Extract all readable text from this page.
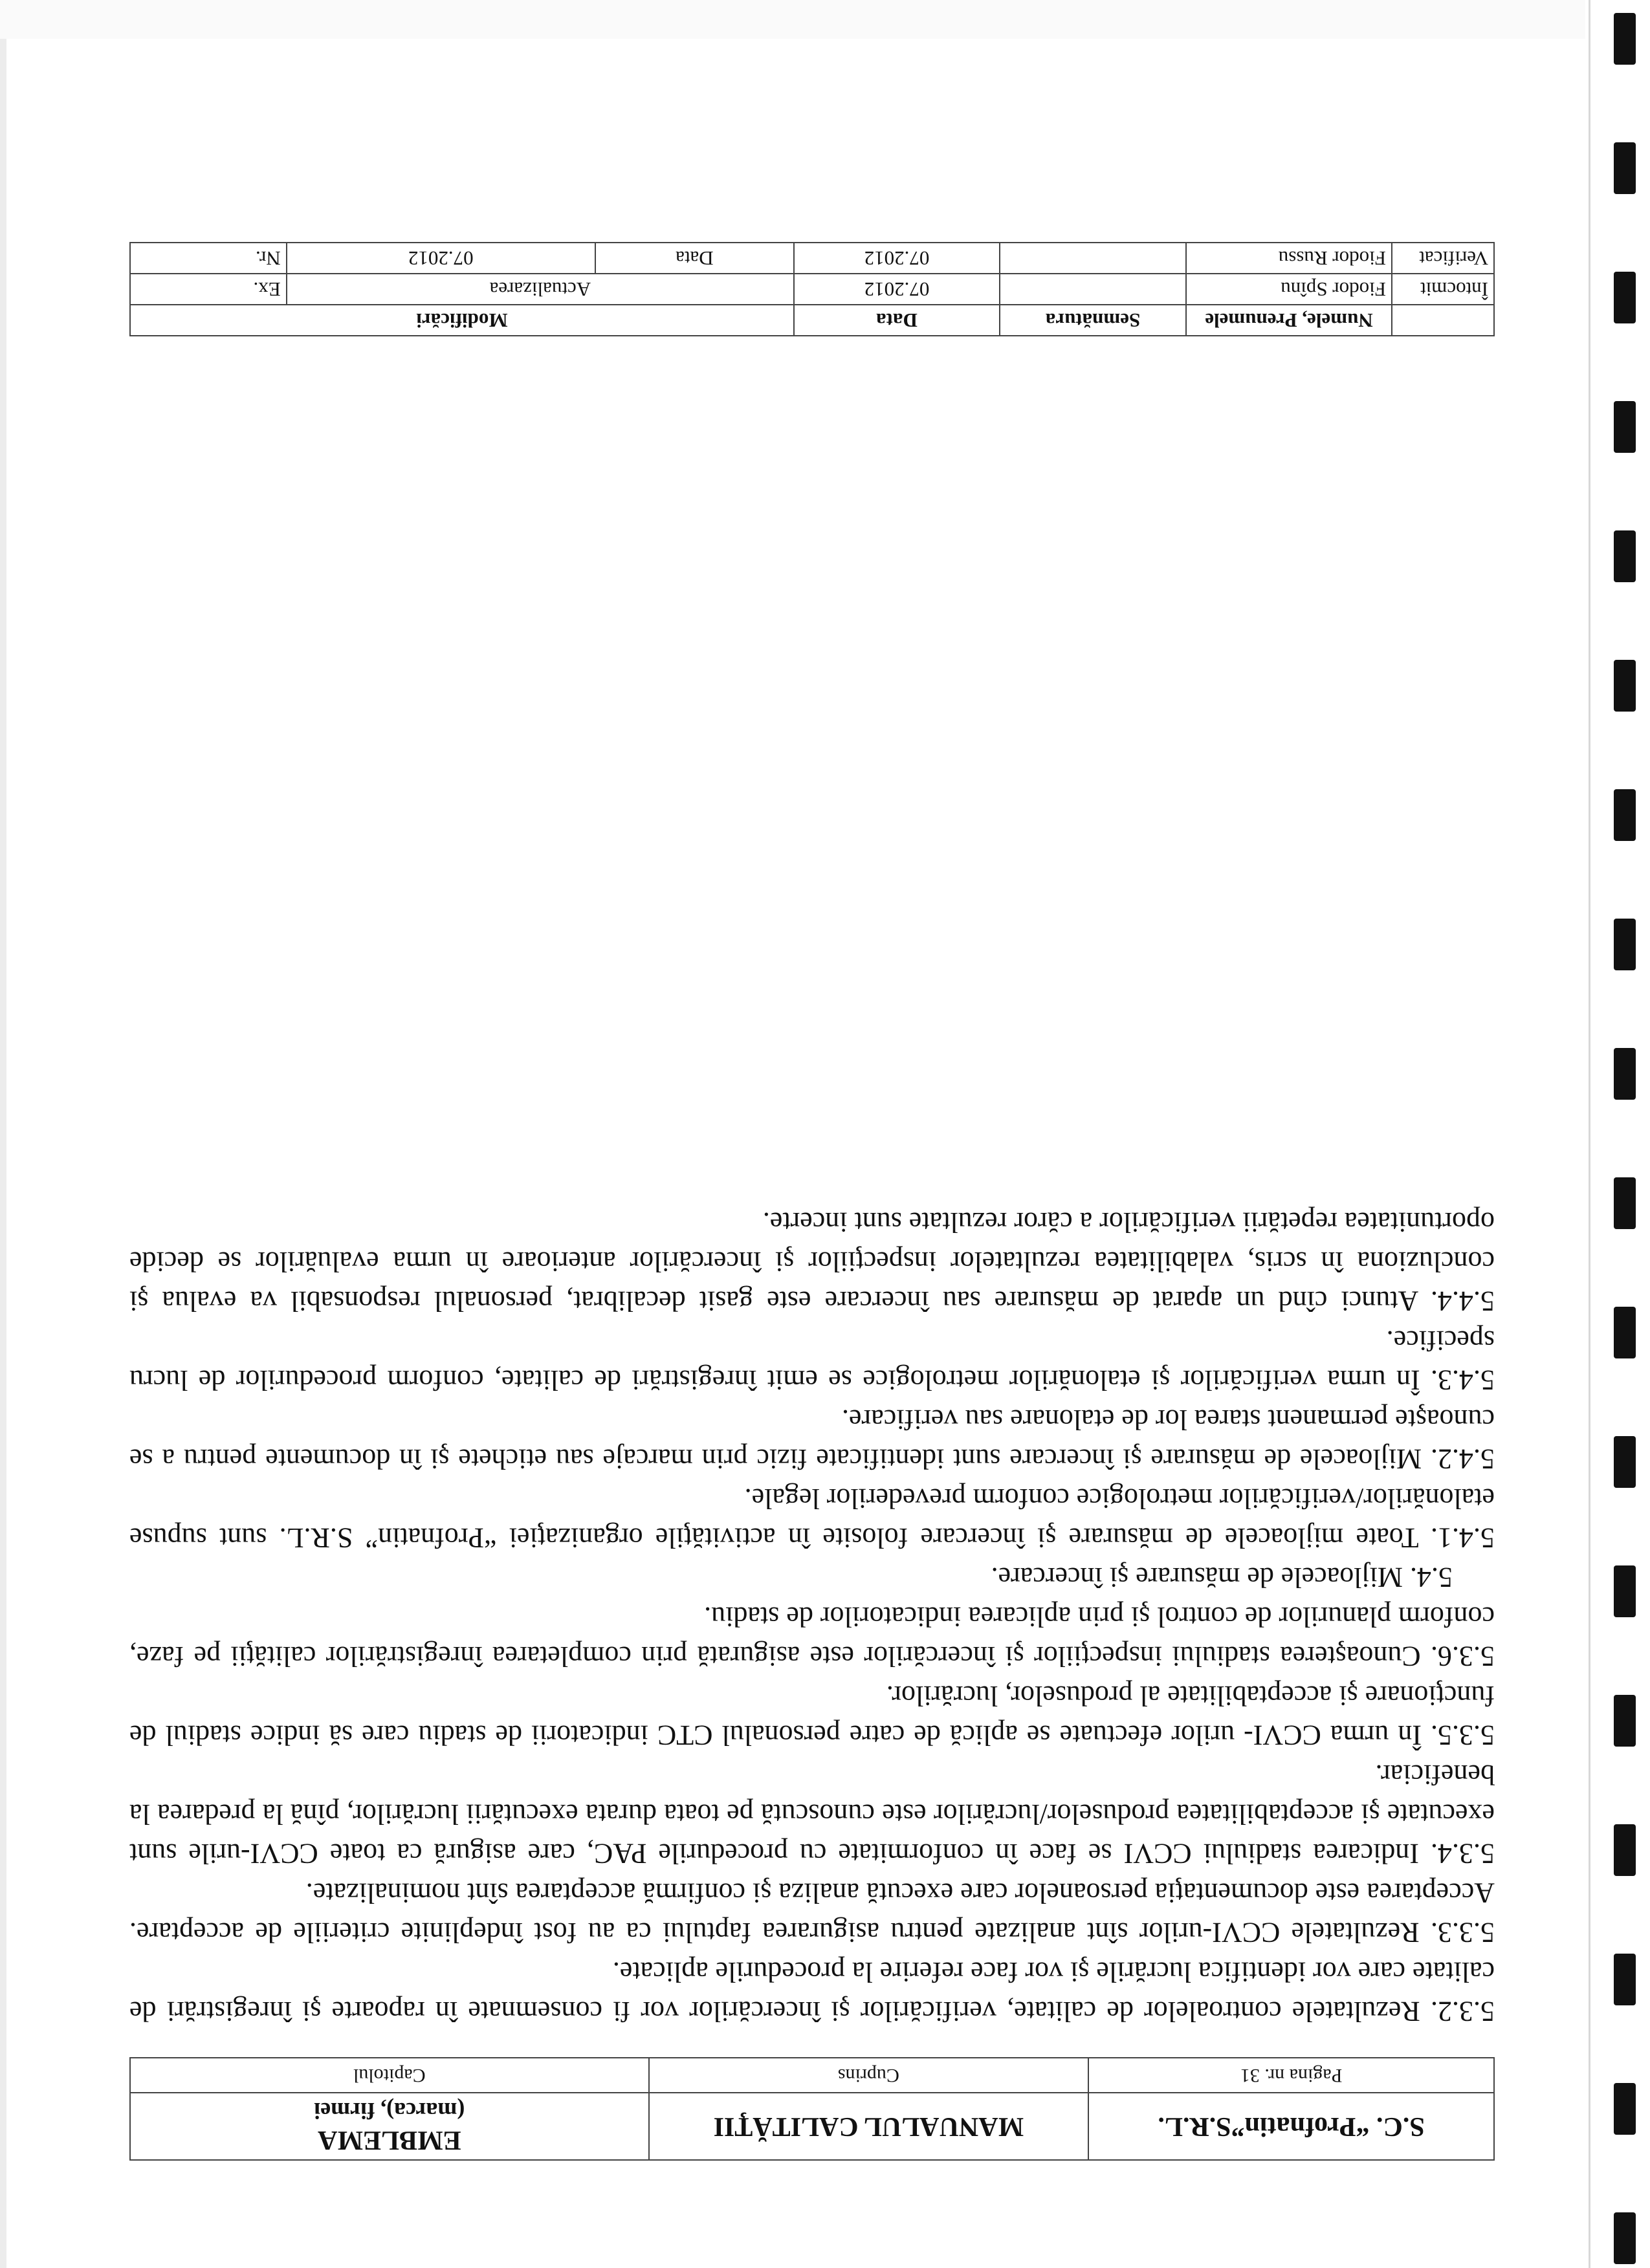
S.C. “Profnatin”S.R.L.	MANUALUL CALITĂŢII	EMBLEMA
(marca), firmei

Pagina nr. 31	Cuprins	Capitolul

5.3.2. Rezultatele controalelor de calitate, verificărilor şi încercărilor vor fi consemnate în rapoarte şi înregistrări de calitate care vor identifica lucrările şi vor face referire la procedurile aplicate.

5.3.3. Rezultatele CCVI-urilor sînt analizate pentru asigurarea faptului ca au fost îndeplinite criteriile de acceptare. Acceptarea este documentaţia persoanelor care execută analiza şi confirmă acceptarea sînt nominalizate.

5.3.4. Indicarea stadiului CCVI se face în conformitate cu procedurile PAC, care asigură ca toate CCVI-urile sunt executate şi acceptabilitatea produselor/lucrărilor este cunoscută pe toata durata executării lucrărilor, pînă la predarea la beneficiar.

5.3.5. În urma CCVI- urilor efectuate se aplică de catre personalul CTC indicatorii de stadiu care să indice stadiul de funcţionare şi acceptabilitate al produselor, lucrărilor.

5.3.6. Cunoaşterea stadiului inspecţiilor şi încercărilor este asigurată prin completarea înregistrărilor calităţii pe faze, conform planurilor de control şi prin aplicarea indicatorilor de stadiu.

5.4. Mijloacele de măsurare şi încercare.

5.4.1. Toate mijloacele de măsurare şi încercare folosite în activităţile organizaţiei “Profnatin” S.R.L. sunt supuse etalonărilor/verificărilor metrologice conform prevederilor legale.

5.4.2. Mijloacele de măsurare şi încercare sunt identificate fizic prin marcaje sau etichete şi în documente pentru a se cunoaşte permanent starea lor de etalonare sau verificare.

5.4.3. În urma verificărilor şi etalonărilor metrologice se emit înregistrări de calitate, conform procedurilor de lucru specifice.

5.4.4. Atunci cînd un aparat de măsurare sau încercare este gasit decalibrat, personalul responsabil va evalua şi concluziona în scris, valabilitatea rezultatelor inspecţiilor şi încercărilor anterioare în urma evaluărilor se decide oportunitatea repetării verificărilor a căror rezultate sunt incerte.

	Numele, Prenumele	Semnătura	Data	Modificări		
Întocmit	Fiodor Spînu		07.2012	Actualizarea		Ex.
Verificat	Fiodor Russu		07.2012	Data	07.2012	Nr.
